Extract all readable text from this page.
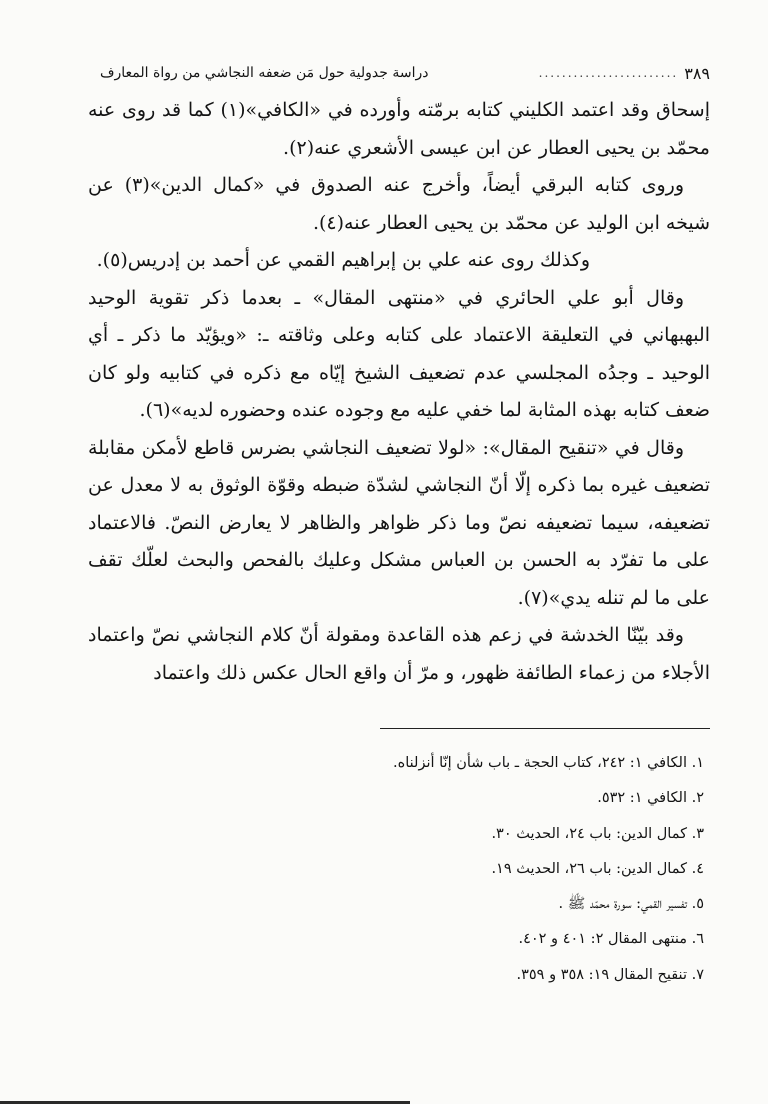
دراسة جدولية حول مَن ضعفه النجاشي من رواة المعارف	........................ ٣٨٩

إسحاق وقد اعتمد الكليني كتابه برمّته وأورده في «الكافي»(١) كما قد روى عنه محمّد بن يحيى العطار عن ابن عيسى الأشعري عنه(٢).

وروى كتابه البرقي أيضاً، وأخرج عنه الصدوق في «كمال الدين»(٣) عن شيخه ابن الوليد عن محمّد بن يحيى العطار عنه(٤).

وكذلك روى عنه علي بن إبراهيم القمي عن أحمد بن إدريس(٥).

وقال أبو علي الحائري في «منتهى المقال» ـ بعدما ذكر تقوية الوحيد البهبهاني في التعليقة الاعتماد على كتابه وعلى وثاقته ـ: «ويؤيّد ما ذكر ـ أي الوحيد ـ وجدُه المجلسي عدم تضعيف الشيخ إيّاه مع ذكره في كتابيه ولو كان ضعف كتابه بهذه المثابة لما خفي عليه مع وجوده عنده وحضوره لديه»(٦).

وقال في «تنقيح المقال»: «لولا تضعيف النجاشي بضرس قاطع لأمكن مقابلة تضعيف غيره بما ذكره إلّا أنّ النجاشي لشدّة ضبطه وقوّة الوثوق به لا معدل عن تضعيفه، سيما تضعيفه نصّ وما ذكر ظواهر والظاهر لا يعارض النصّ. فالاعتماد على ما تفرّد به الحسن بن العباس مشكل وعليك بالفحص والبحث لعلّك تقف على ما لم تنله يدي»(٧).

وقد بيّنّا الخدشة في زعم هذه القاعدة ومقولة أنّ كلام النجاشي نصّ واعتماد الأجلاء من زعماء الطائفة ظهور، و مرّ أن واقع الحال عكس ذلك واعتماد

١. الكافي ١: ٢٤٢، كتاب الحجة ـ باب شأن إنّا أنزلناه.
٢. الكافي ١: ٥٣٢.
٣. كمال الدين: باب ٢٤، الحديث ٣٠.
٤. كمال الدين: باب ٢٦، الحديث ١٩.
٥. تفسير القمي: سورة محمّد ﷺ .
٦. منتهى المقال ٢: ٤٠١ و ٤٠٢.
٧. تنقيح المقال ١٩: ٣٥٨ و ٣٥٩.
